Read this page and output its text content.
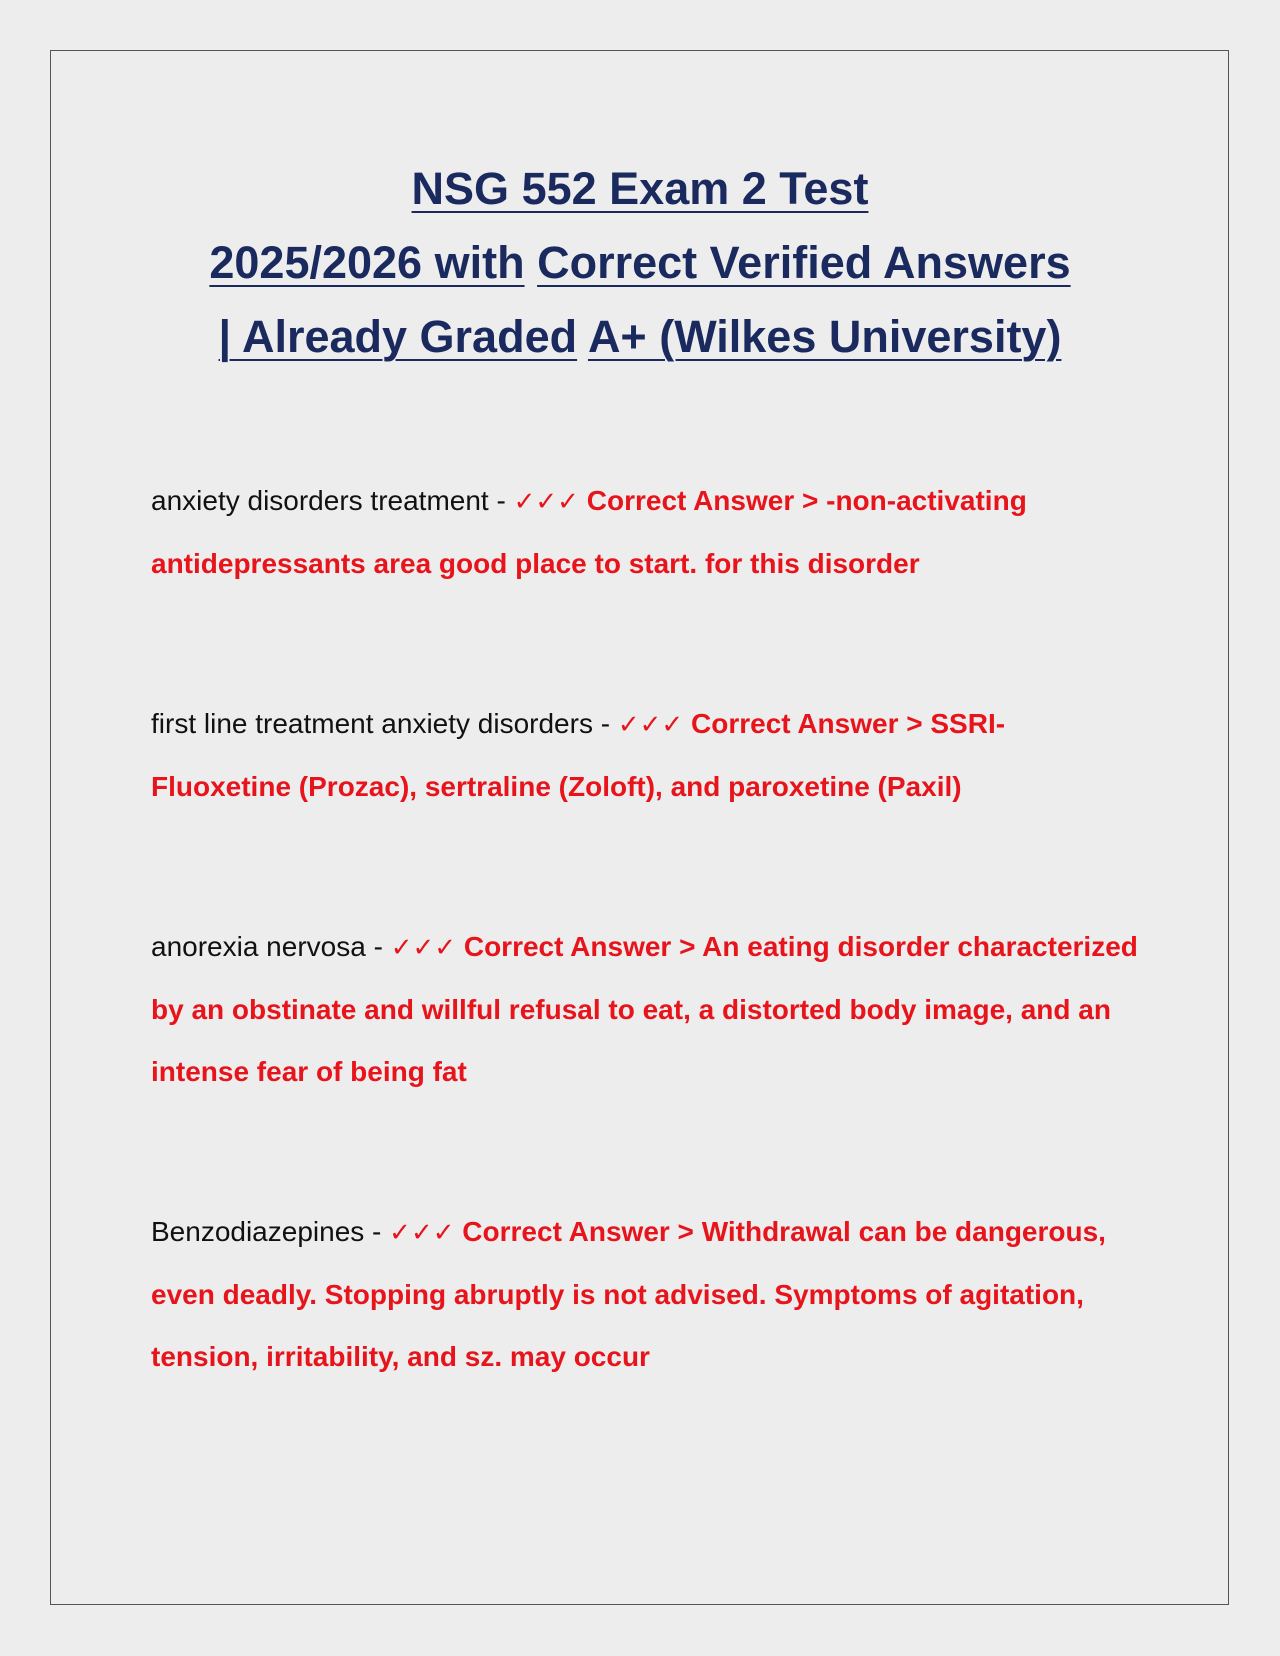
NSG 552 Exam 2 Test
2025/2026 with Correct Verified Answers
| Already Graded A+ (Wilkes University)
anxiety disorders treatment - ✓✓✓ Correct Answer > -non-activating antidepressants area good place to start. for this disorder
first line treatment anxiety disorders - ✓✓✓ Correct Answer > SSRI- Fluoxetine (Prozac), sertraline (Zoloft), and paroxetine (Paxil)
anorexia nervosa - ✓✓✓ Correct Answer > An eating disorder characterized by an obstinate and willful refusal to eat, a distorted body image, and an intense fear of being fat
Benzodiazepines - ✓✓✓ Correct Answer > Withdrawal can be dangerous, even deadly. Stopping abruptly is not advised. Symptoms of agitation, tension, irritability, and sz. may occur
